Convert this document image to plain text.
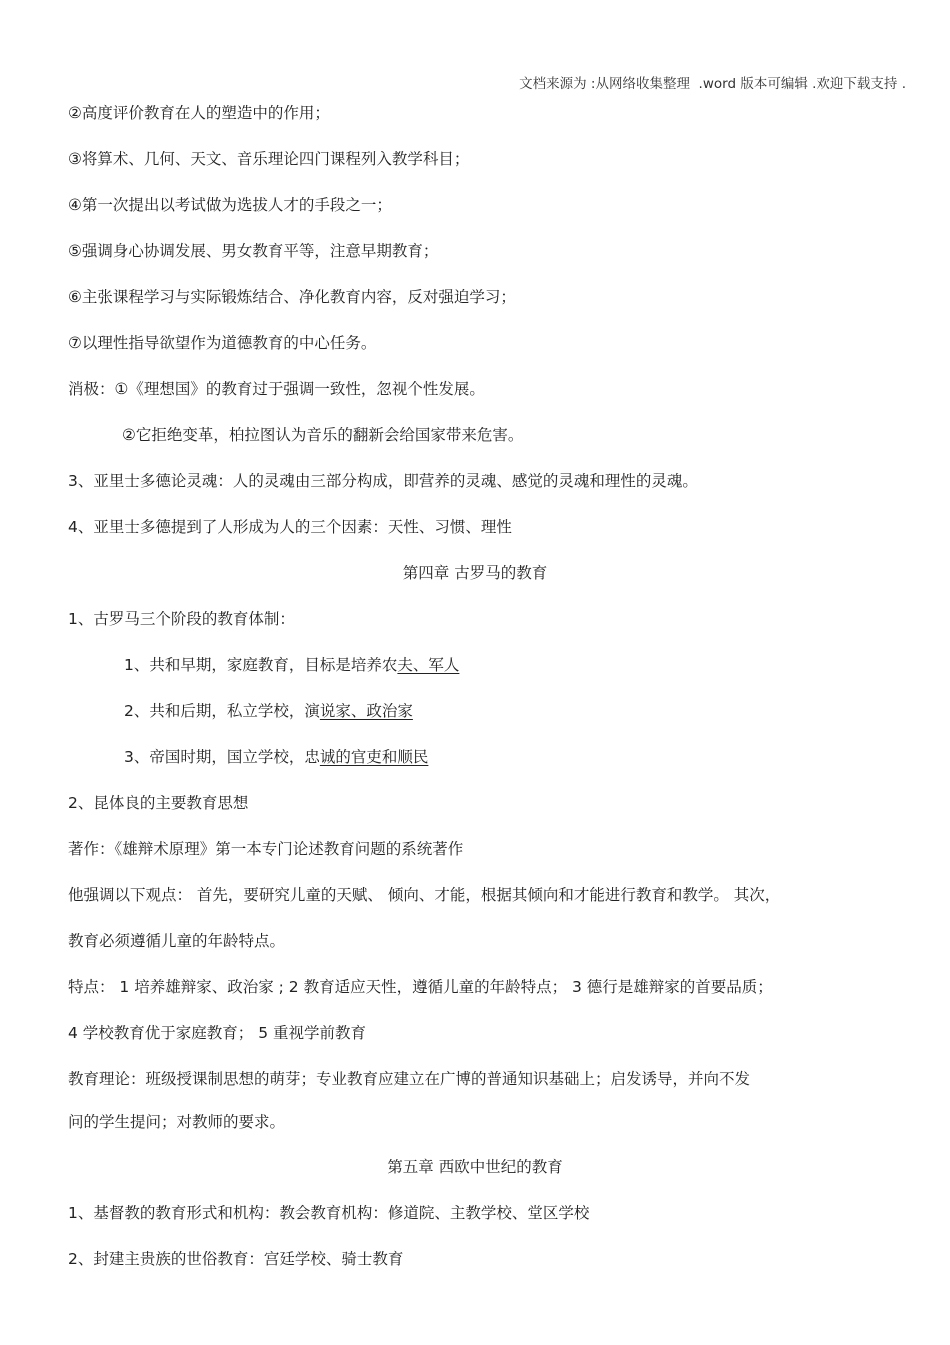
文档来源为 :从网络收集整理  .word 版本可编辑 .欢迎下载支持 .
②高度评价教育在人的塑造中的作用；
③将算术、几何、天文、音乐理论四门课程列入教学科目；
④第一次提出以考试做为选拔人才的手段之一；
⑤强调身心协调发展、男女教育平等，注意早期教育；
⑥主张课程学习与实际锻炼结合、净化教育内容，反对强迫学习；
⑦以理性指导欲望作为道德教育的中心任务。
消极：①《理想国》的教育过于强调一致性，忽视个性发展。
②它拒绝变革，柏拉图认为音乐的翻新会给国家带来危害。
3、亚里士多德论灵魂：人的灵魂由三部分构成，即营养的灵魂、感觉的灵魂和理性的灵魂。
4、亚里士多德提到了人形成为人的三个因素：天性、习惯、理性
第四章 古罗马的教育
1、古罗马三个阶段的教育体制：
1、共和早期，家庭教育，目标是培养农夫、军人
2、共和后期，私立学校，演说家、政治家
3、帝国时期，国立学校，忠诚的官吏和顺民
2、昆体良的主要教育思想
著作：《雄辩术原理》第一本专门论述教育问题的系统著作
他强调以下观点： 首先，要研究儿童的天赋、 倾向、才能，根据其倾向和才能进行教育和教学。 其次，
教育必须遵循儿童的年龄特点。
特点： 1 培养雄辩家、政治家 ; 2 教育适应天性，遵循儿童的年龄特点； 3 德行是雄辩家的首要品质；
4 学校教育优于家庭教育； 5 重视学前教育
教育理论：班级授课制思想的萌芽；专业教育应建立在广博的普通知识基础上；启发诱导，并向不发
问的学生提问；对教师的要求。
第五章 西欧中世纪的教育
1、基督教的教育形式和机构：教会教育机构：修道院、主教学校、堂区学校
2、封建主贵族的世俗教育：宫廷学校、骑士教育
